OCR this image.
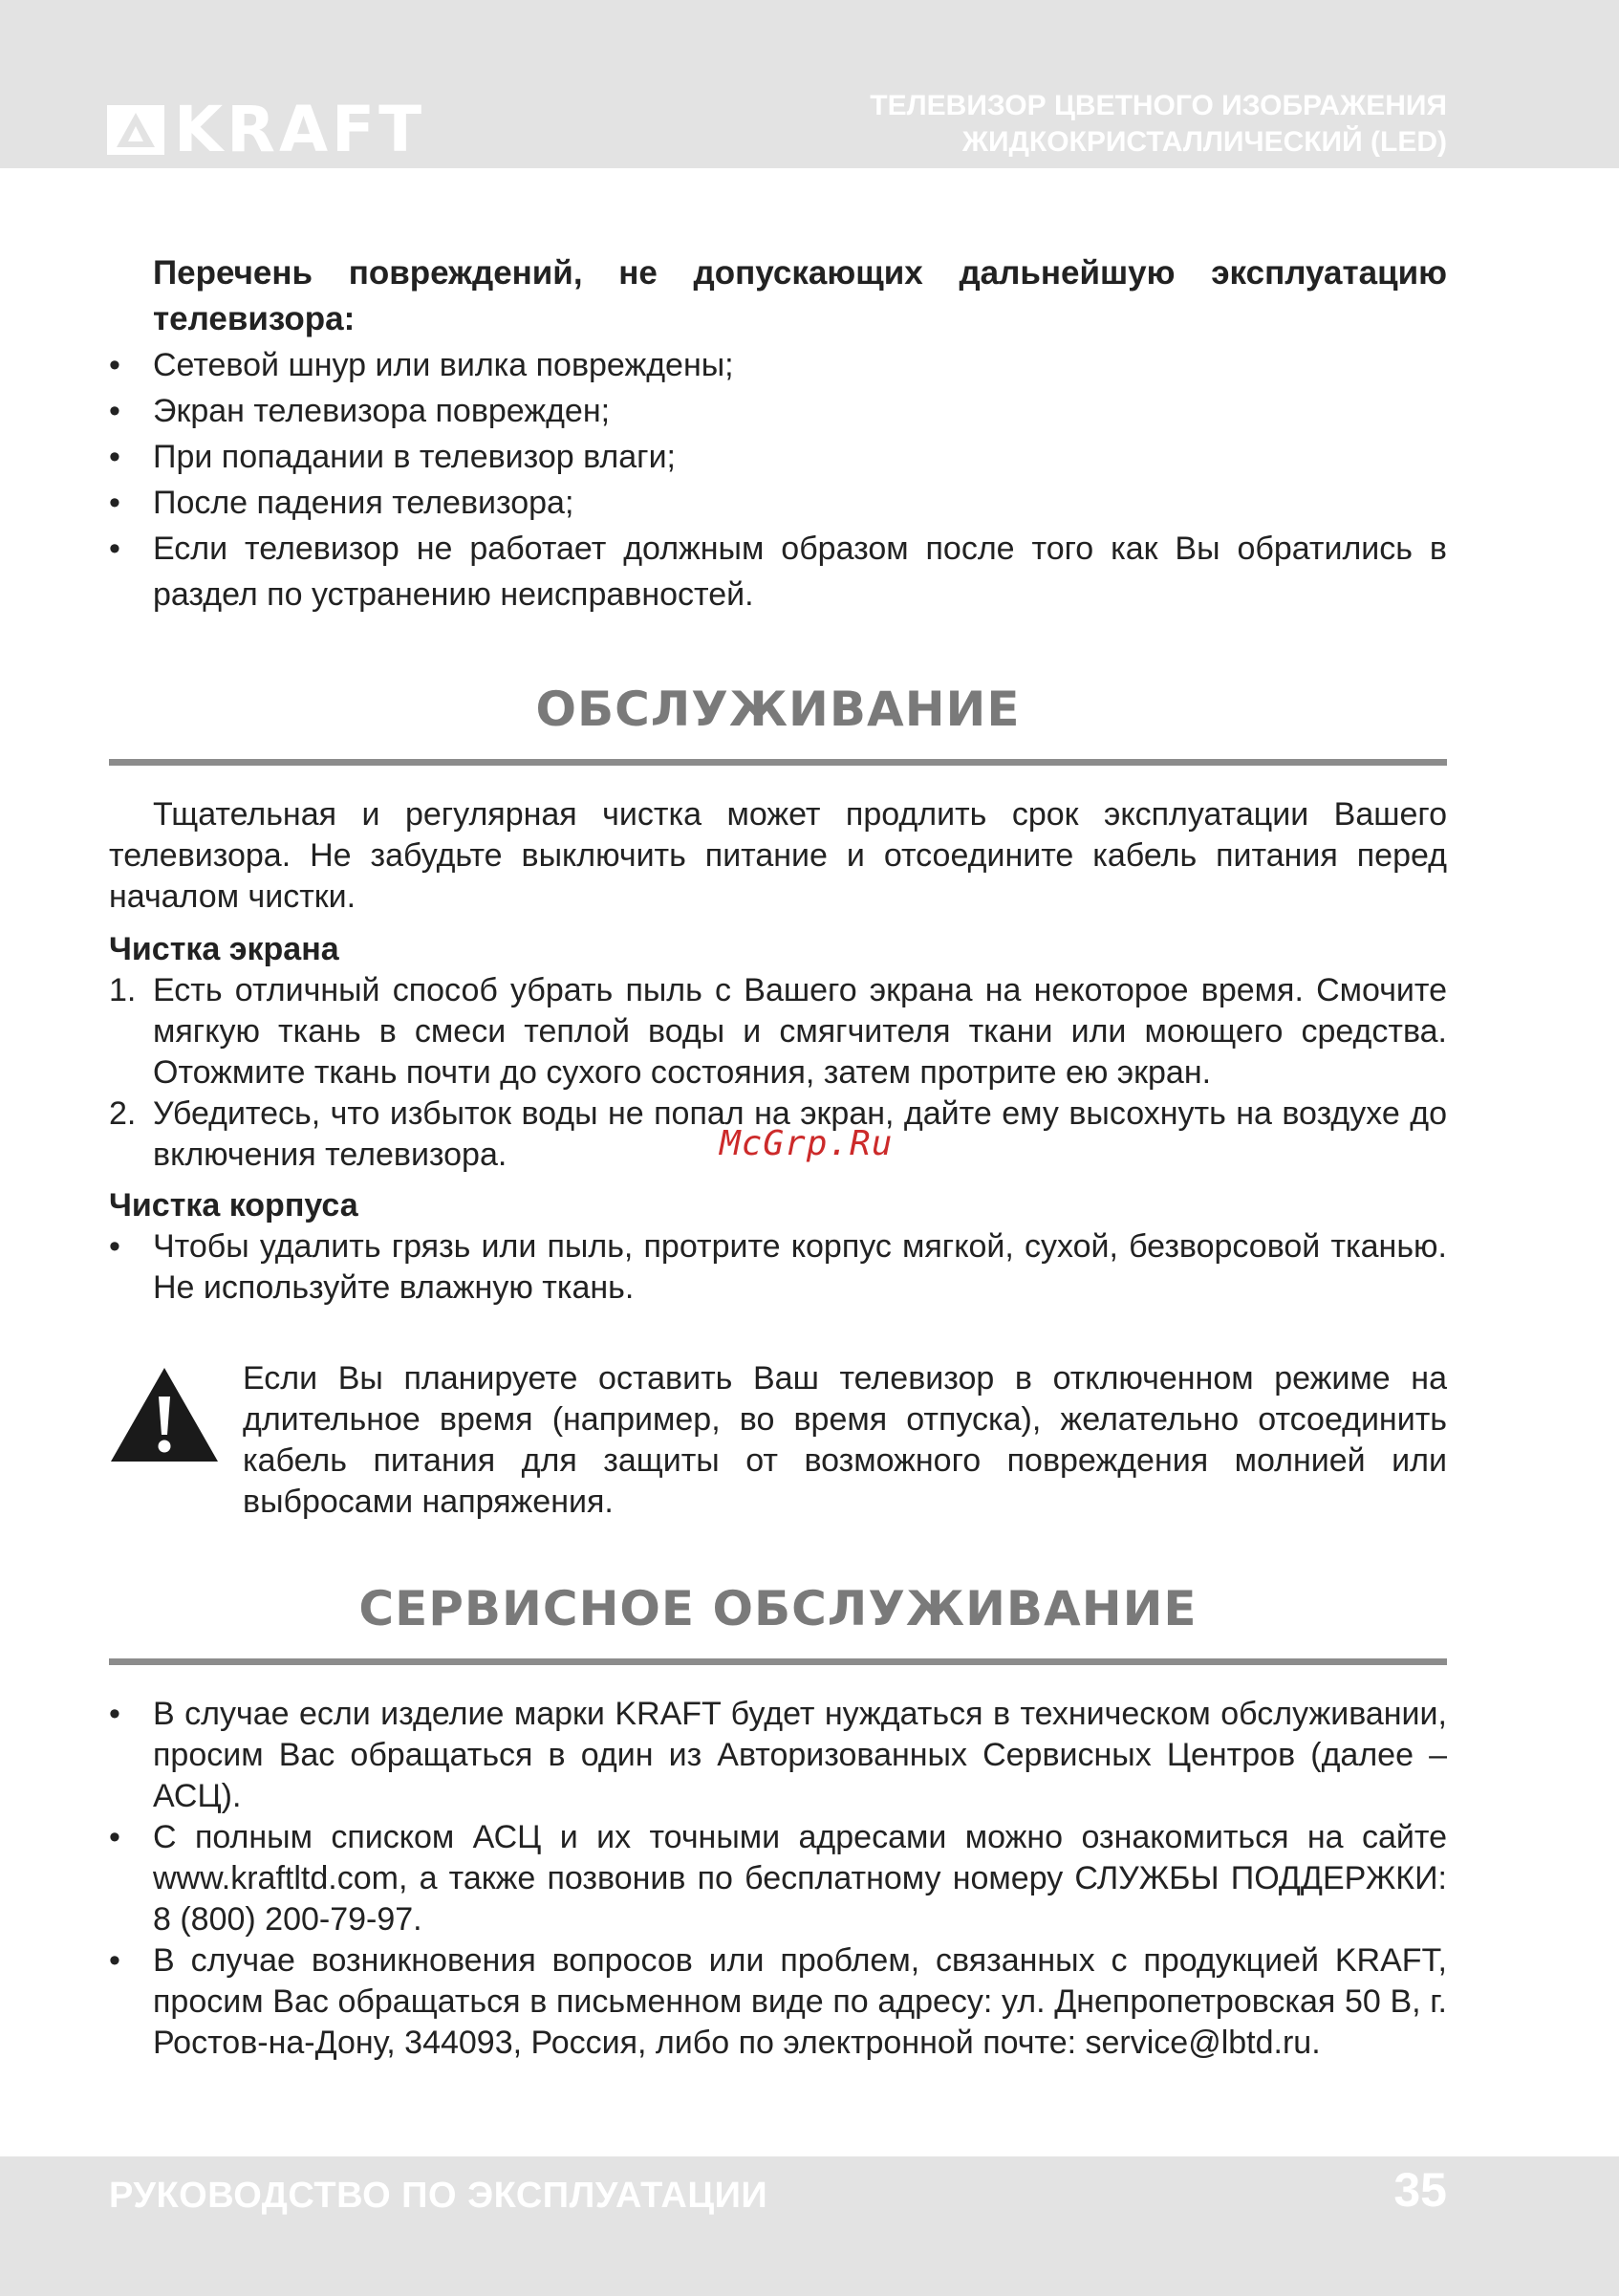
KRAFT	ТЕЛЕВИЗОР ЦВЕТНОГО ИЗОБРАЖЕНИЯ
ЖИДКОКРИСТАЛЛИЧЕСКИЙ (LED)
Перечень повреждений, не допускающих дальнейшую эксплуатацию телевизора:
• Сетевой шнур или вилка повреждены;
• Экран телевизора поврежден;
• При попадании в телевизор влаги;
• После падения телевизора;
• Если телевизор не работает должным образом после того как Вы обратились в раздел по устранению неисправностей.
ОБСЛУЖИВАНИЕ

Тщательная и регулярная чистка может продлить срок эксплуатации Вашего телевизора. Не забудьте выключить питание и отсоедините кабель питания перед началом чистки.

Чистка экрана
1. Есть отличный способ убрать пыль с Вашего экрана на некоторое время. Смочите мягкую ткань в смеси теплой воды и смягчителя ткани или моющего средства. Отожмите ткань почти до сухого состояния, затем протрите ею экран.
2. Убедитесь, что избыток воды не попал на экран, дайте ему высохнуть на воздухе до включения телевизора.
Чистка корпуса
• Чтобы удалить грязь или пыль, протрите корпус мягкой, сухой, безворсовой тканью. Не используйте влажную ткань.

Если Вы планируете оставить Ваш телевизор в отключенном режиме на длительное время (например, во время отпуска), желательно отсоединить кабель питания для защиты от возможного повреждения молнией или выбросами напряжения.

СЕРВИСНОЕ ОБСЛУЖИВАНИЕ
• В случае если изделие марки KRAFT будет нуждаться в техническом обслуживании, просим Вас обращаться в один из Авторизованных Сервисных Центров (далее – АСЦ).
• С полным списком АСЦ и их точными адресами можно ознакомиться на сайте www.kraftltd.com, а также позвонив по бесплатному номеру СЛУЖБЫ ПОДДЕРЖКИ: 8 (800) 200-79-97.
• В случае возникновения вопросов или проблем, связанных с продукцией KRAFT, просим Вас обращаться в письменном виде по адресу: ул. Днепропетровская 50 В, г. Ростов-на-Дону, 344093, Россия, либо по электронной почте: service@lbtd.ru.
McGrp.Ru
РУКОВОДСТВО ПО ЭКСПЛУАТАЦИИ	35
